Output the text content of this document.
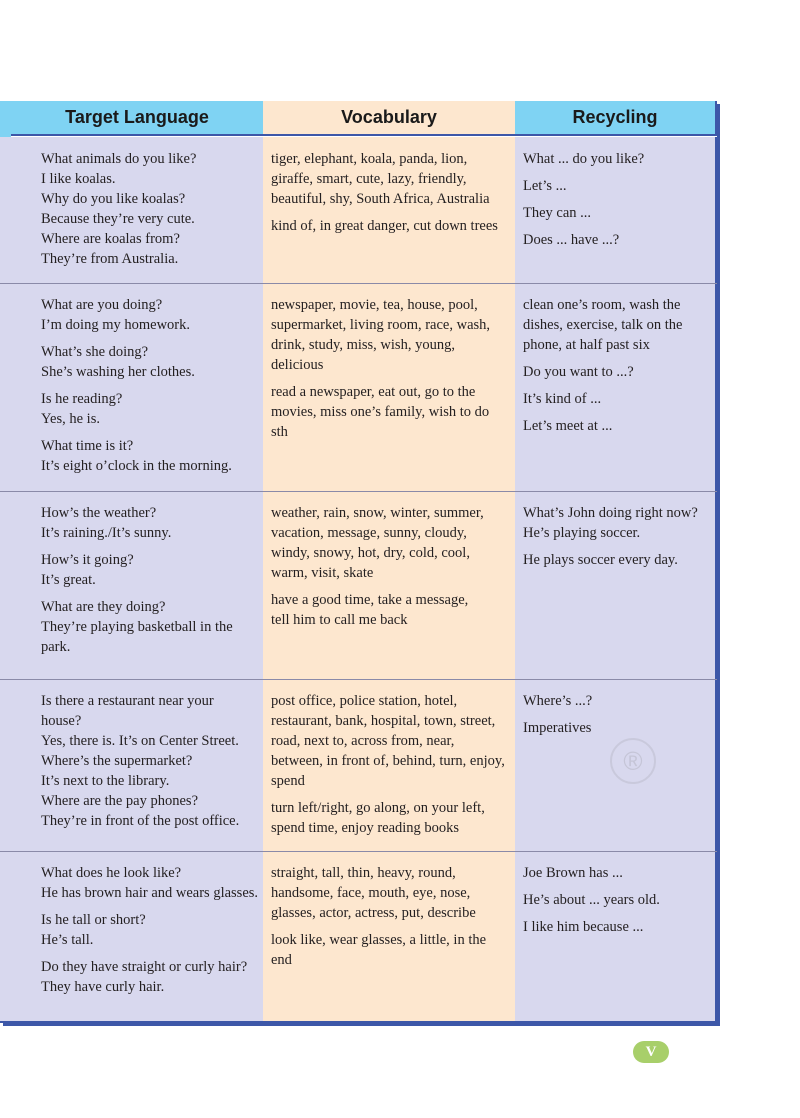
Target Language	Vocabulary	Recycling
What animals do you like?
I like koalas.
Why do you like koalas?
Because they’re very cute.
Where are koalas from?
They’re from Australia.
tiger, elephant, koala, panda, lion, giraffe, smart, cute, lazy, friendly, beautiful, shy, South Africa, Australia
kind of, in great danger, cut down trees
What ... do you like?
Let’s ...
They can ...
Does ... have ...?
What are you doing?
I’m doing my homework.
What’s she doing?
She’s washing her clothes.
Is he reading?
Yes, he is.
What time is it?
It’s eight o’clock in the morning.
newspaper, movie, tea, house, pool, supermarket, living room, race, wash, drink, study, miss, wish, young, delicious
read a newspaper, eat out, go to the movies, miss one’s family, wish to do sth
clean one’s room, wash the dishes, exercise, talk on the phone, at half past six
Do you want to ...?
It’s kind of ...
Let’s meet at ...
How’s the weather?
It’s raining./It’s sunny.
How’s it going?
It’s great.
What are they doing?
They’re playing basketball in the park.
weather, rain, snow, winter, summer, vacation, message, sunny, cloudy, windy, snowy, hot, dry, cold, cool, warm, visit, skate
have a good time, take a message, tell him to call me back
What’s John doing right now? He’s playing soccer.
He plays soccer every day.
Is there a restaurant near your house?
Yes, there is. It’s on Center Street.
Where’s the supermarket?
It’s next to the library.
Where are the pay phones?
They’re in front of the post office.
post office, police station, hotel, restaurant, bank, hospital, town, street, road, next to, across from, near, between, in front of, behind, turn, enjoy, spend
turn left/right, go along, on your left, spend time, enjoy reading books
Where’s ...?
Imperatives
What does he look like?
He has brown hair and wears glasses.
Is he tall or short?
He’s tall.
Do they have straight or curly hair?
They have curly hair.
straight, tall, thin, heavy, round, handsome, face, mouth, eye, nose, glasses, actor, actress, put, describe
look like, wear glasses, a little, in the end
Joe Brown has ...
He’s about ... years old.
I like him because ...
®
V
